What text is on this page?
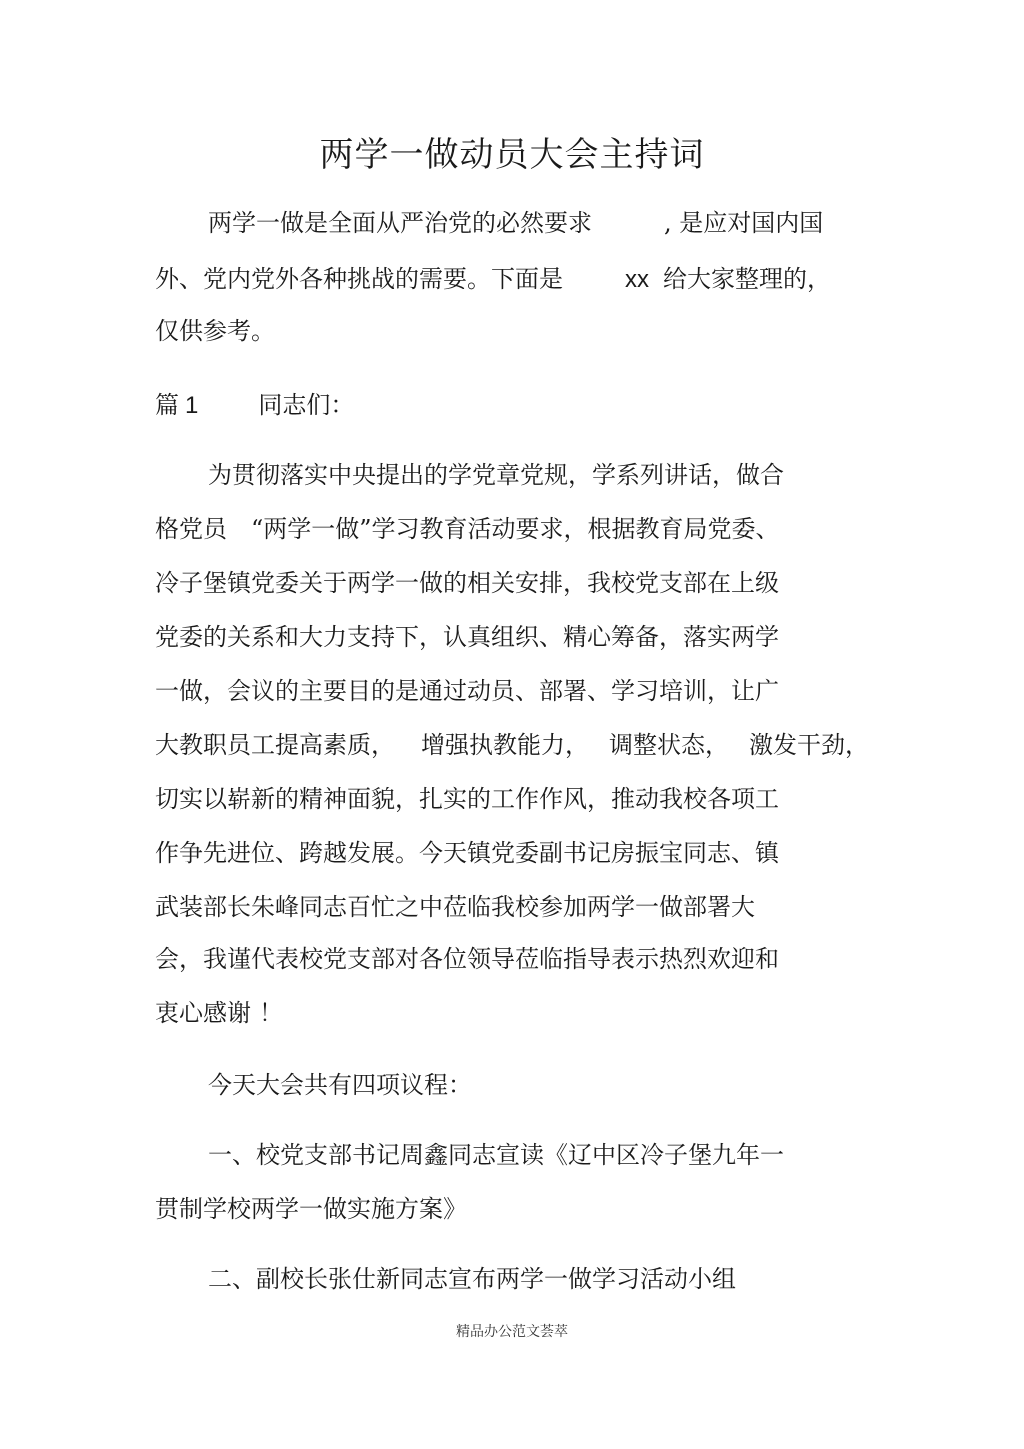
两学一做动员大会主持词
两学一做是全面从严治党的必然要求	, 是应对国内国
外、党内党外各种挑战的需要。下面是	xx 给大家整理的，
仅供参考。
篇 1	同志们：
为贯彻落实中央提出的学党章党规，学系列讲话，做合
格党员 “两学一做”学习教育活动要求，根据教育局党委、
冷子堡镇党委关于两学一做的相关安排，我校党支部在上级
党委的关系和大力支持下，认真组织、精心筹备，落实两学
一做，会议的主要目的是通过动员、部署、学习培训，让广
大教职员工提高素质， 增强执教能力， 调整状态， 激发干劲，
切实以崭新的精神面貌，扎实的工作作风，推动我校各项工
作争先进位、跨越发展。今天镇党委副书记房振宝同志、镇
武装部长朱峰同志百忙之中莅临我校参加两学一做部署大
会，我谨代表校党支部对各位领导莅临指导表示热烈欢迎和
衷心感谢 ！
今天大会共有四项议程：
一、校党支部书记周鑫同志宣读《辽中区冷子堡九年一
贯制学校两学一做实施方案》
二、副校长张仕新同志宣布两学一做学习活动小组
精品办公范文荟萃
